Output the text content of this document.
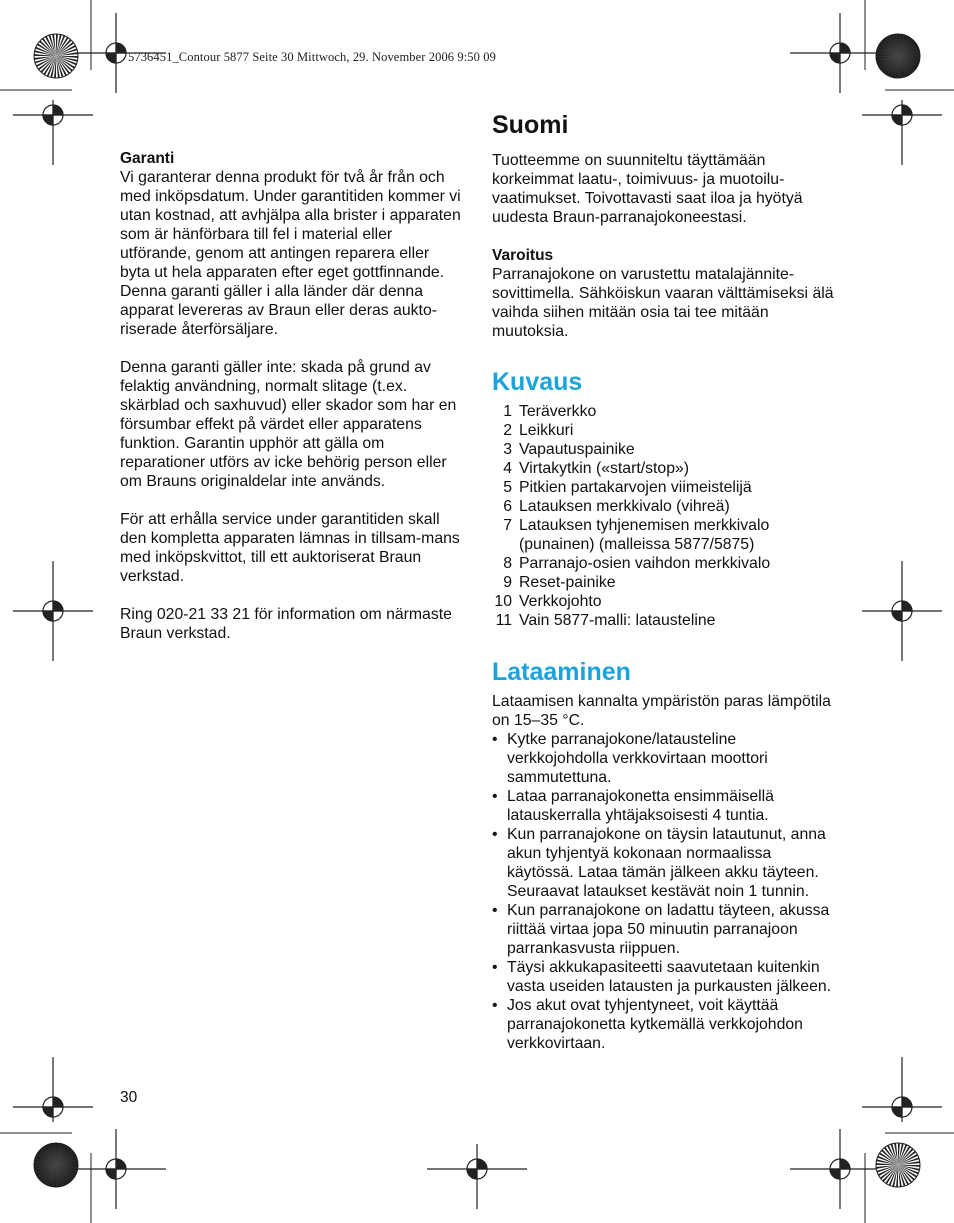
5736451_Contour 5877 Seite 30 Mittwoch, 29. November 2006 9:50 09

Garanti

Vi garanterar denna produkt för två år från och med inköpsdatum. Under garantitiden kommer vi utan kostnad, att avhjälpa alla brister i apparaten som är hänförbara till fel i material eller utförande, genom att antingen reparera eller byta ut hela apparaten efter eget gottfinnande.

Denna garanti gäller i alla länder där denna apparat levereras av Braun eller deras aukto-riserade återförsäljare.

Denna garanti gäller inte: skada på grund av felaktig användning, normalt slitage (t.ex. skärblad och saxhuvud) eller skador som har en försumbar effekt på värdet eller apparatens funktion. Garantin upphör att gälla om reparationer utförs av icke behörig person eller om Brauns originaldelar inte används.

För att erhålla service under garantitiden skall den kompletta apparaten lämnas in tillsam-mans med inköpskvittot, till ett auktoriserat Braun verkstad.

Ring 020-21 33 21 för information om närmaste Braun verkstad.

Suomi

Tuotteemme on suunniteltu täyttämään korkeimmat laatu-, toimivuus- ja muotoilu-vaatimukset. Toivottavasti saat iloa ja hyötyä uudesta Braun-parranajokoneestasi.

Varoitus

Parranajokone on varustettu matalajännite-sovittimella. Sähköiskun vaaran välttämiseksi älä vaihda siihen mitään osia tai tee mitään muutoksia.

Kuvaus
1 Teräverkko
2 Leikkuri
3 Vapautuspainike
4 Virtakytkin («start/stop»)
5 Pitkien partakarvojen viimeistelijä
6 Latauksen merkkivalo (vihreä)
7 Latauksen tyhjenemisen merkkivalo (punainen) (malleissa 5877/5875)
8 Parranajo-osien vaihdon merkkivalo
9 Reset-painike
10 Verkkojohto
11 Vain 5877-malli: latausteline
Lataaminen

Lataamisen kannalta ympäristön paras lämpötila on 15–35 °C.

• Kytke parranajokone/latausteline verkkojohdolla verkkovirtaan moottori sammutettuna.
• Lataa parranajokonetta ensimmäisellä latauskerralla yhtäjaksoisesti 4 tuntia.
• Kun parranajokone on täysin latautunut, anna akun tyhjentyä kokonaan normaalissa käytössä. Lataa tämän jälkeen akku täyteen. Seuraavat lataukset kestävät noin 1 tunnin.
• Kun parranajokone on ladattu täyteen, akussa riittää virtaa jopa 50 minuutin parranajoon parrankasvusta riippuen.
• Täysi akkukapasiteetti saavutetaan kuitenkin vasta useiden latausten ja purkausten jälkeen.
• Jos akut ovat tyhjentyneet, voit käyttää parranajokonetta kytkemällä verkkojohdon verkkovirtaan.
30
